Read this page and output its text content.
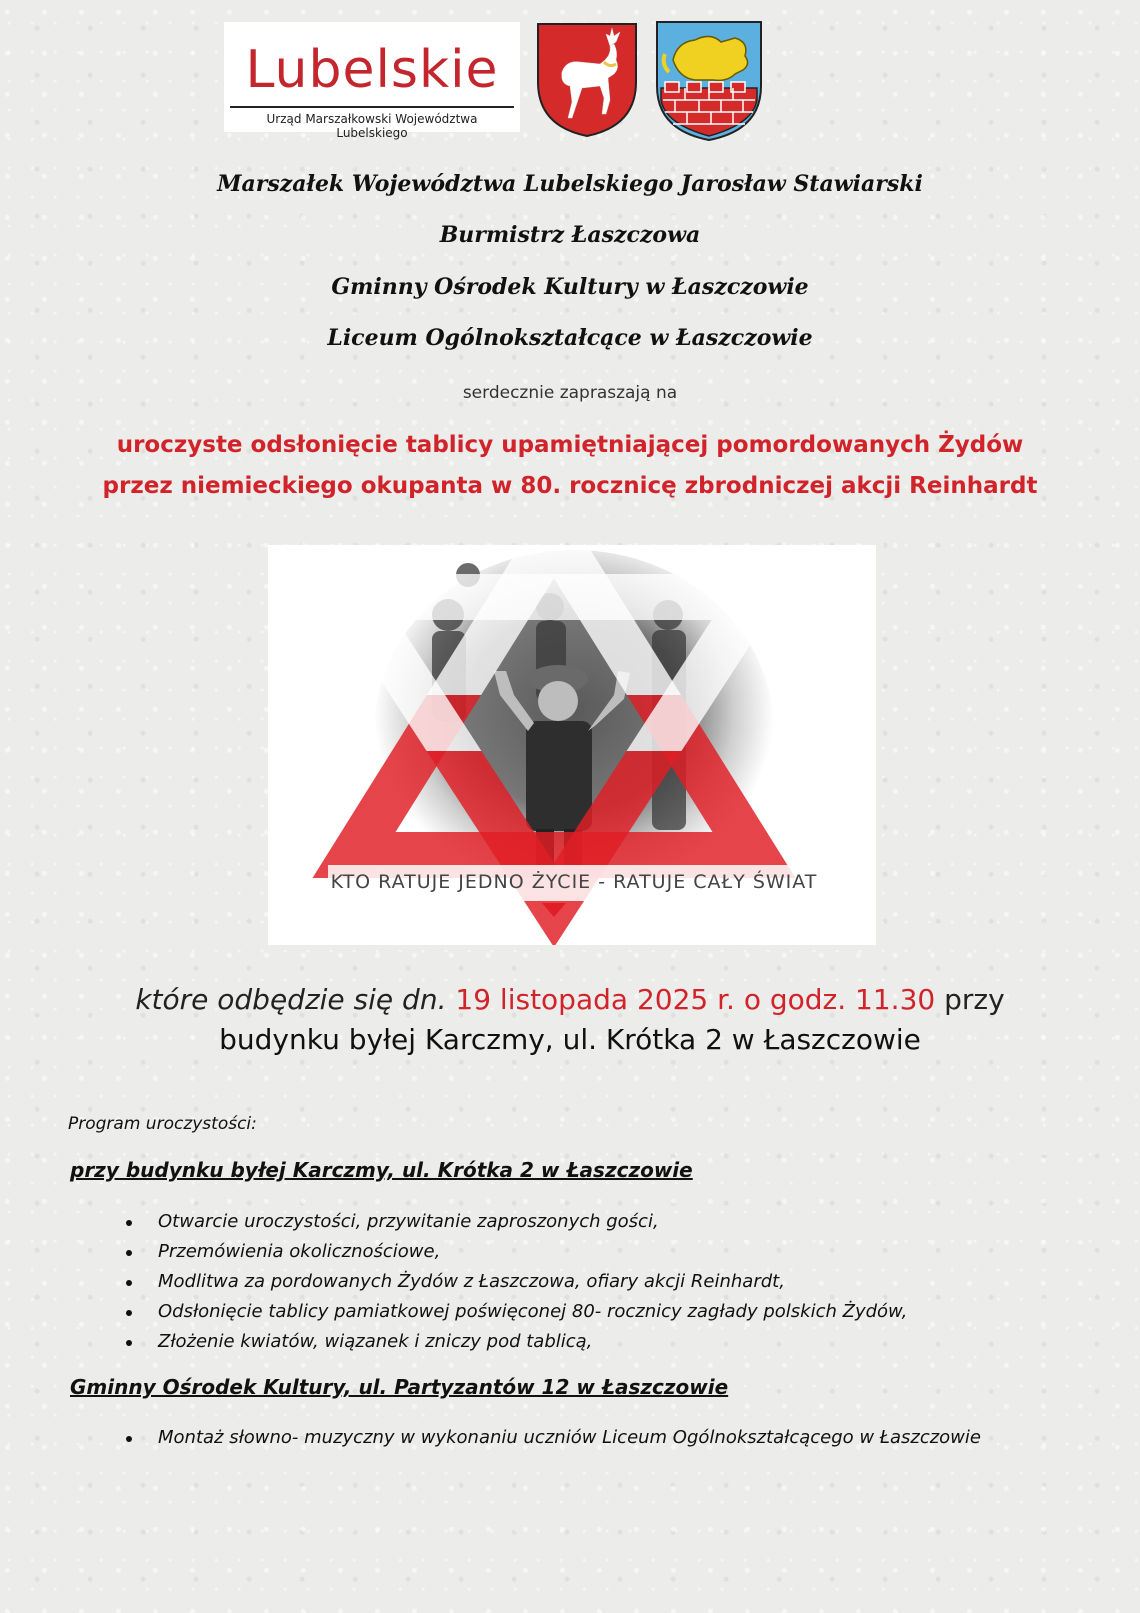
Lubelskie
Urząd Marszałkowski Województwa Lubelskiego
Marszałek Województwa Lubelskiego Jarosław Stawiarski
Burmistrz Łaszczowa
Gminny Ośrodek Kultury w Łaszczowie
Liceum Ogólnokształcące w Łaszczowie
serdecznie zapraszają na
uroczyste odsłonięcie tablicy upamiętniającej pomordowanych Żydów
przez niemieckiego okupanta w 80. rocznicę zbrodniczej akcji Reinhardt
KTO RATUJE JEDNO ŻYCIE - RATUJE CAŁY ŚWIAT
które odbędzie się dn. 19 listopada 2025 r. o godz. 11.30 przy
budynku byłej Karczmy, ul. Krótka 2 w Łaszczowie
Program uroczystości:
przy budynku byłej Karczmy, ul. Krótka 2 w Łaszczowie
Otwarcie uroczystości, przywitanie zaproszonych gości,
Przemówienia okolicznościowe,
Modlitwa za pordowanych Żydów z Łaszczowa, ofiary akcji Reinhardt,
Odsłonięcie tablicy pamiatkowej poświęconej 80- rocznicy zagłady polskich Żydów,
Złożenie kwiatów, wiązanek i zniczy pod tablicą,
Gminny Ośrodek Kultury, ul. Partyzantów 12 w Łaszczowie
Montaż słowno- muzyczny w wykonaniu uczniów Liceum Ogólnokształcącego w Łaszczowie
